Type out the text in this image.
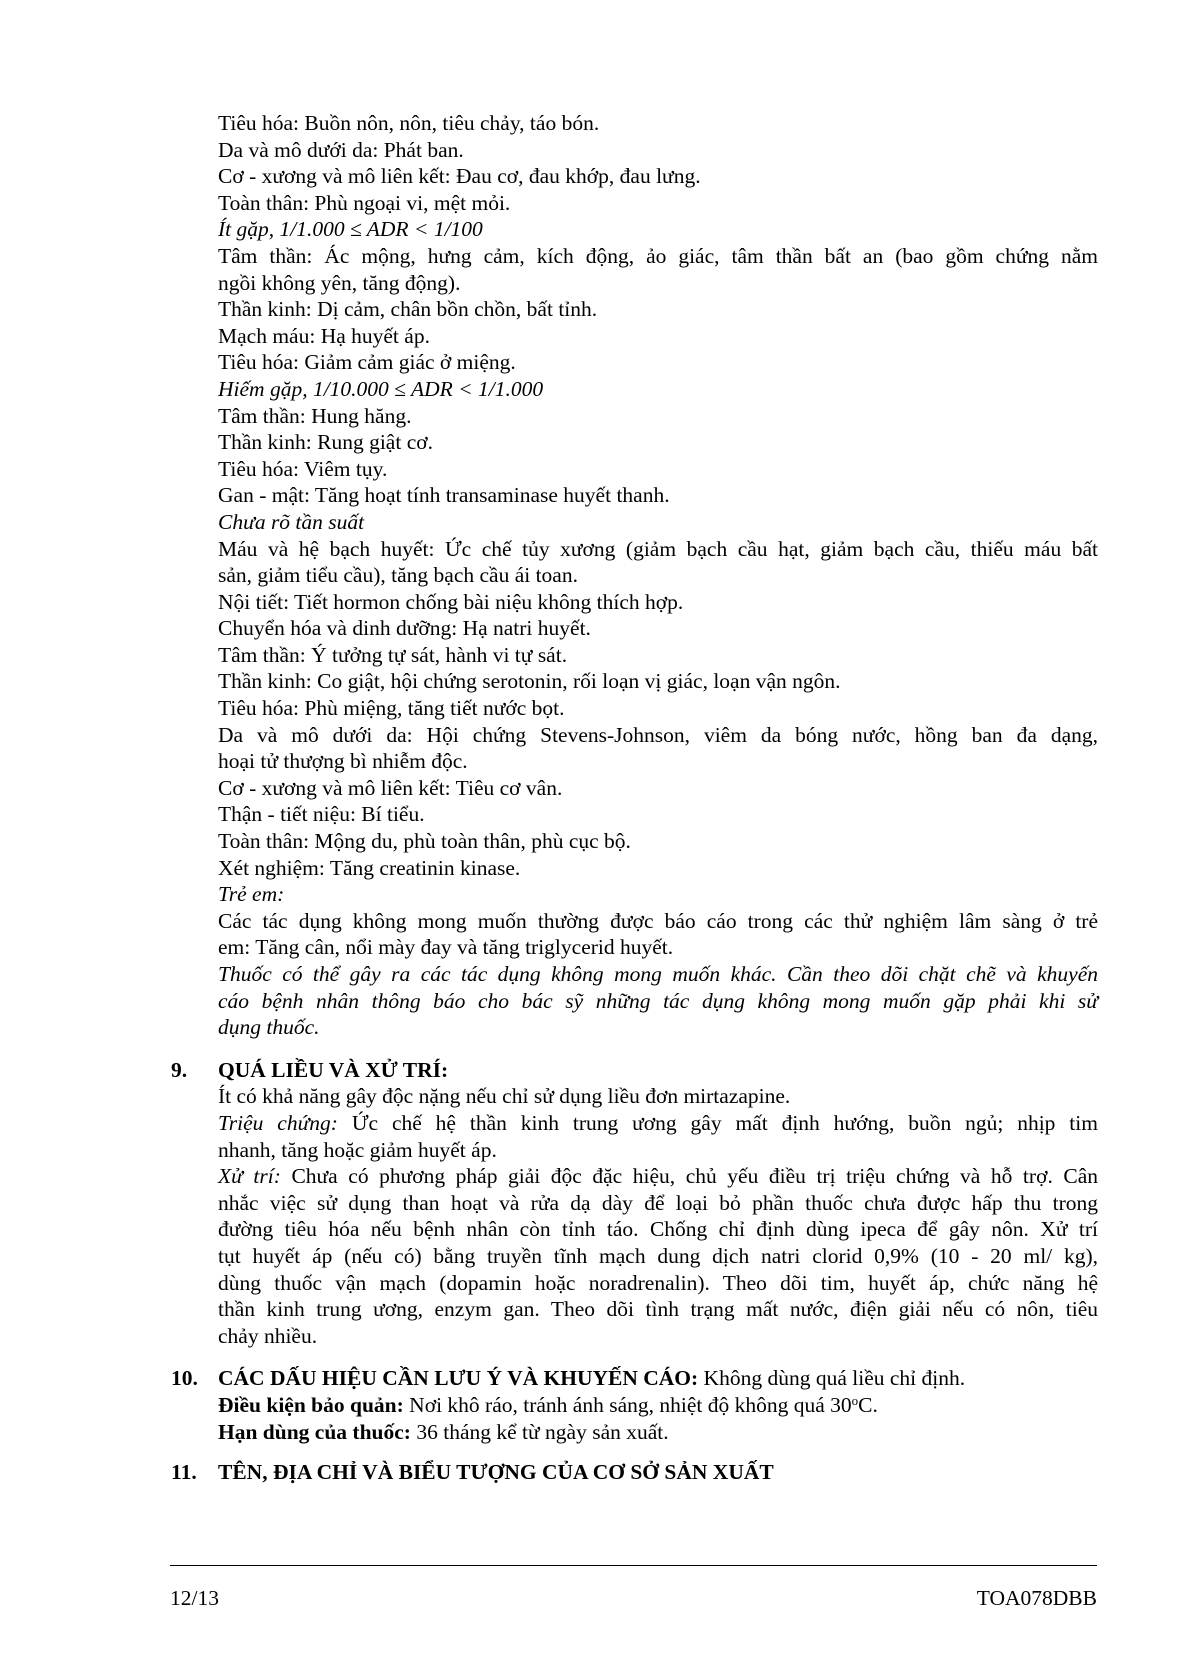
Tiêu hóa: Buồn nôn, nôn, tiêu chảy, táo bón.
Da và mô dưới da: Phát ban.
Cơ - xương và mô liên kết: Đau cơ, đau khớp, đau lưng.
Toàn thân: Phù ngoại vi, mệt mỏi.
Ít gặp, 1/1.000 ≤ ADR < 1/100
Tâm thần: Ác mộng, hưng cảm, kích động, ảo giác, tâm thần bất an (bao gồm chứng nằm
ngồi không yên, tăng động).
Thần kinh: Dị cảm, chân bồn chồn, bất tỉnh.
Mạch máu: Hạ huyết áp.
Tiêu hóa: Giảm cảm giác ở miệng.
Hiếm gặp, 1/10.000 ≤ ADR < 1/1.000
Tâm thần: Hung hăng.
Thần kinh: Rung giật cơ.
Tiêu hóa: Viêm tụy.
Gan - mật: Tăng hoạt tính transaminase huyết thanh.
Chưa rõ tần suất
Máu và hệ bạch huyết: Ức chế tủy xương (giảm bạch cầu hạt, giảm bạch cầu, thiếu máu bất
sản, giảm tiểu cầu), tăng bạch cầu ái toan.
Nội tiết: Tiết hormon chống bài niệu không thích hợp.
Chuyển hóa và dinh dưỡng: Hạ natri huyết.
Tâm thần: Ý tưởng tự sát, hành vi tự sát.
Thần kinh: Co giật, hội chứng serotonin, rối loạn vị giác, loạn vận ngôn.
Tiêu hóa: Phù miệng, tăng tiết nước bọt.
Da và mô dưới da: Hội chứng Stevens-Johnson, viêm da bóng nước, hồng ban đa dạng,
hoại tử thượng bì nhiễm độc.
Cơ - xương và mô liên kết: Tiêu cơ vân.
Thận - tiết niệu: Bí tiểu.
Toàn thân: Mộng du, phù toàn thân, phù cục bộ.
Xét nghiệm: Tăng creatinin kinase.
Trẻ em:
Các tác dụng không mong muốn thường được báo cáo trong các thử nghiệm lâm sàng ở trẻ
em: Tăng cân, nổi mày đay và tăng triglycerid huyết.
Thuốc có thể gây ra các tác dụng không mong muốn khác. Cần theo dõi chặt chẽ và khuyến
cáo bệnh nhân thông báo cho bác sỹ những tác dụng không mong muốn gặp phải khi sử
dụng thuốc.
9. QUÁ LIỀU VÀ XỬ TRÍ:
Ít có khả năng gây độc nặng nếu chỉ sử dụng liều đơn mirtazapine.
Triệu chứng: Ức chế hệ thần kinh trung ương gây mất định hướng, buồn ngủ; nhịp tim
nhanh, tăng hoặc giảm huyết áp.
Xử trí: Chưa có phương pháp giải độc đặc hiệu, chủ yếu điều trị triệu chứng và hỗ trợ. Cân
nhắc việc sử dụng than hoạt và rửa dạ dày để loại bỏ phần thuốc chưa được hấp thu trong
đường tiêu hóa nếu bệnh nhân còn tỉnh táo. Chống chỉ định dùng ipeca để gây nôn. Xử trí
tụt huyết áp (nếu có) bằng truyền tĩnh mạch dung dịch natri clorid 0,9% (10 - 20 ml/ kg),
dùng thuốc vận mạch (dopamin hoặc noradrenalin). Theo dõi tim, huyết áp, chức năng hệ
thần kinh trung ương, enzym gan. Theo dõi tình trạng mất nước, điện giải nếu có nôn, tiêu
chảy nhiều.
10. CÁC DẤU HIỆU CẦN LƯU Ý VÀ KHUYẾN CÁO: Không dùng quá liều chỉ định.
Điều kiện bảo quản: Nơi khô ráo, tránh ánh sáng, nhiệt độ không quá 30$^o$C.
Hạn dùng của thuốc: 36 tháng kể từ ngày sản xuất.
11. TÊN, ĐỊA CHỈ VÀ BIỂU TƯỢNG CỦA CƠ SỞ SẢN XUẤT
12/13	TOA078DBB
